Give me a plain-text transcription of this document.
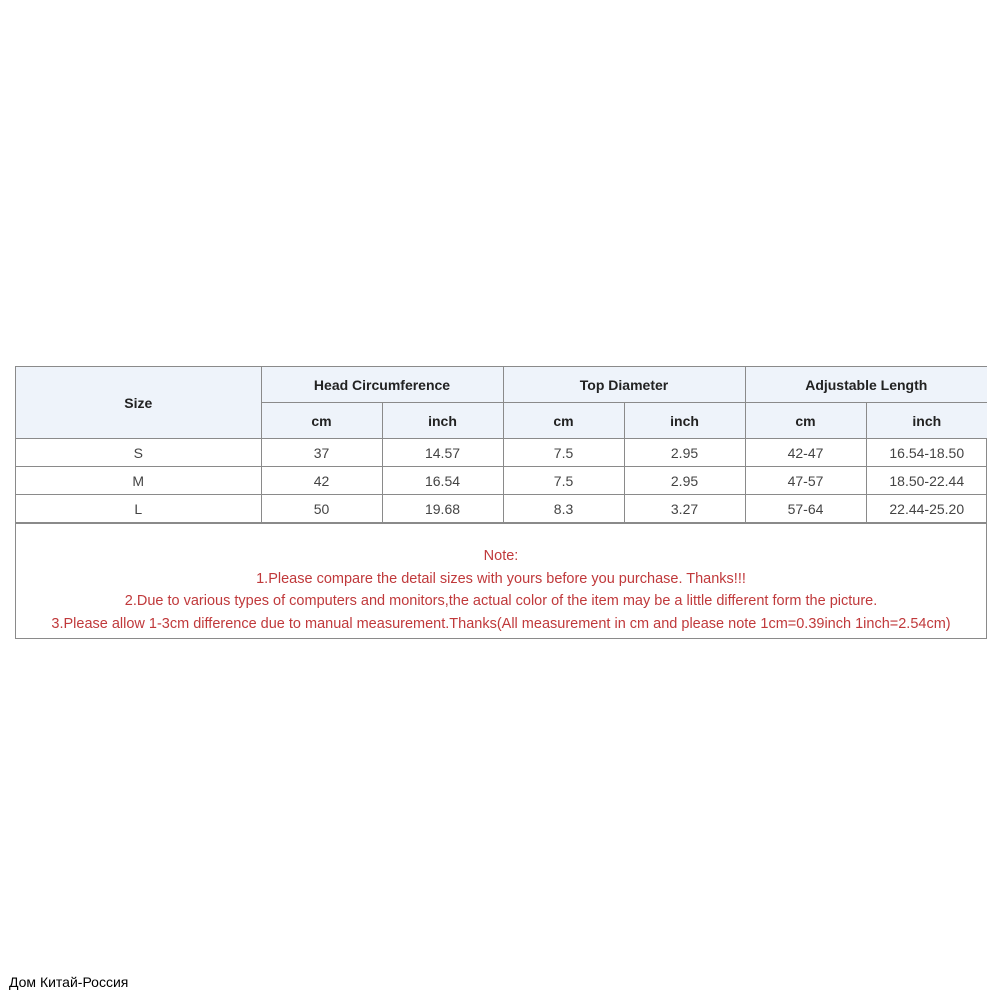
Size	Head Circumference		Top Diameter		Adjustable Length	
	cm	inch	cm	inch	cm	inch
S	37	14.57	7.5	2.95	42-47	16.54-18.50
M	42	16.54	7.5	2.95	47-57	18.50-22.44
L	50	19.68	8.3	3.27	57-64	22.44-25.20
Note:
1.Please compare the detail sizes with yours before you purchase. Thanks!!!
2.Due to various types of computers and monitors,the actual color of the item may be a little different form the picture.
3.Please allow 1-3cm difference due to manual measurement.Thanks(All measurement in cm and please note 1cm=0.39inch 1inch=2.54cm)
Дом Китай-Россия
